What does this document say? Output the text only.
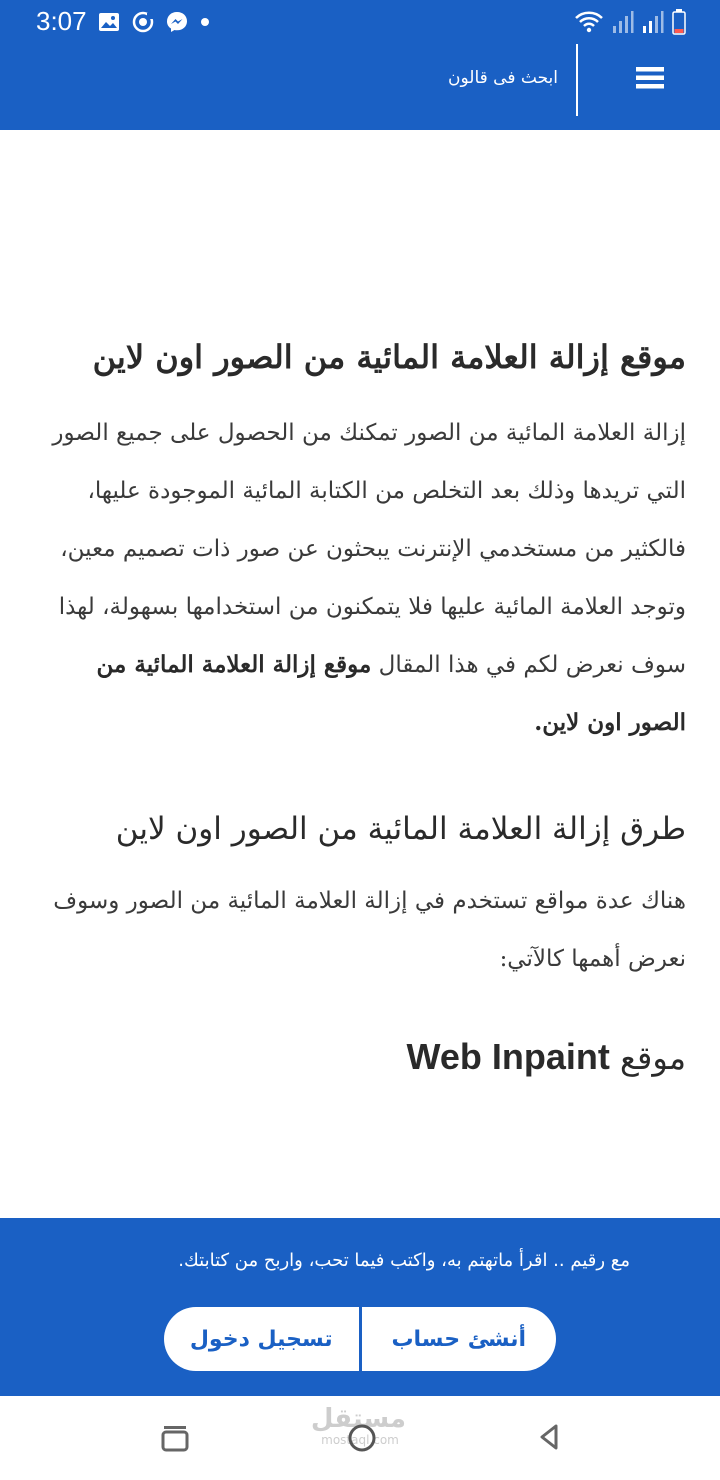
3:07
ابحث فى قالون
موقع إزالة العلامة المائية من الصور اون لاين

إزالة العلامة المائية من الصور تمكنك من الحصول على جميع الصور التي تريدها وذلك بعد التخلص من الكتابة المائية الموجودة عليها، فالكثير من مستخدمي الإنترنت يبحثون عن صور ذات تصميم معين، وتوجد العلامة المائية عليها فلا يتمكنون من استخدامها بسهولة، لهذا سوف نعرض لكم في هذا المقال موقع إزالة العلامة المائية من الصور اون لاين.

طرق إزالة العلامة المائية من الصور اون لاين

هناك عدة مواقع تستخدم في إزالة العلامة المائية من الصور وسوف نعرض أهمها كالآتي:

موقع Web Inpaint
مع رقيم .. اقرأ ماتهتم به، واكتب فيما تحب، واربح من كتابتك.
أنشئ حساب
تسجيل دخول
مستقل
mostaql.com
